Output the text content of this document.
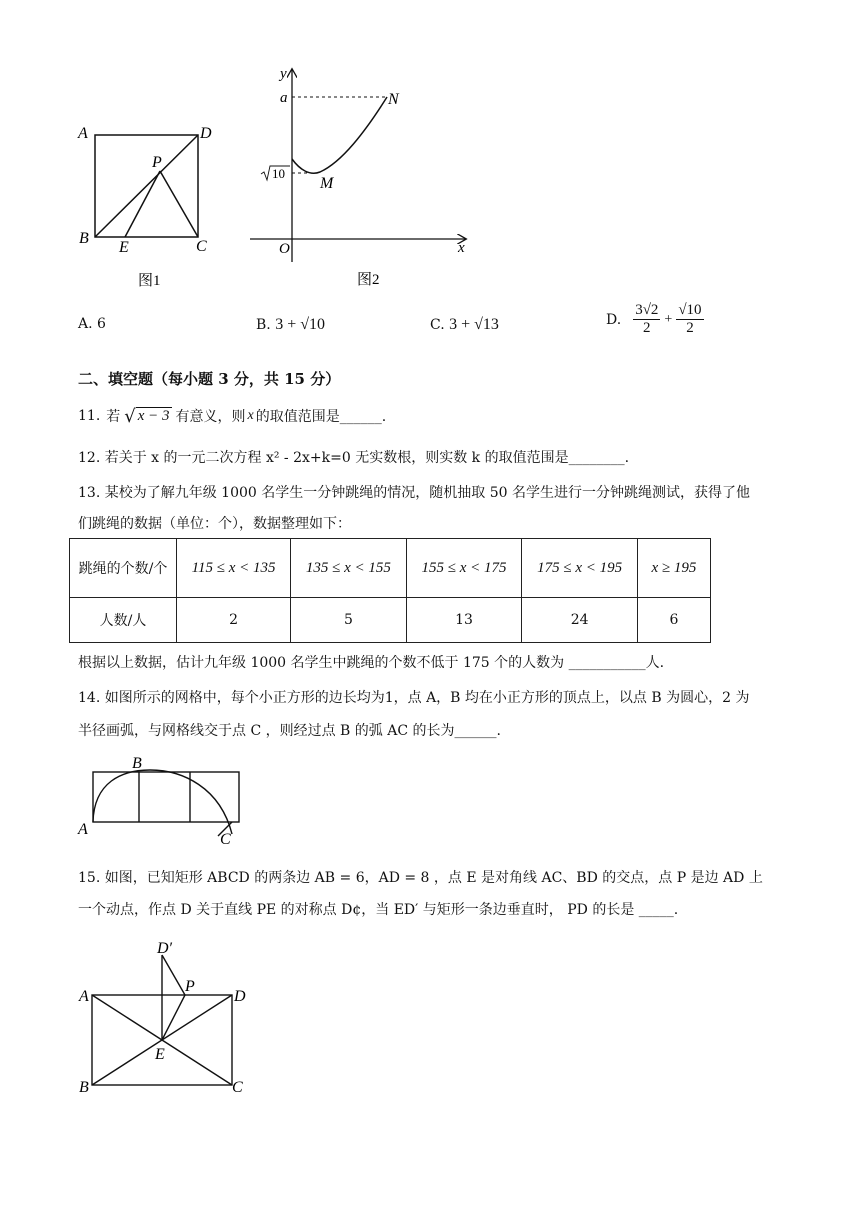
A	D
B	C
P
E
图1
y
a	N
M
10
O	x
图2
A. 6	B. 3 + √10	C. 3 + √13	D.
3√2
2
+ $\frac{√10}{2}$
二、填空题（每小题 3 分，共 15 分）
11. 若 √ x − 3 有意义，则 x 的取值范围是______.
12. 若关于 x 的一元二次方程 x² - 2x+k=0 无实数根，则实数 k 的取值范围是________.
13. 某校为了解九年级 1000 名学生一分钟跳绳的情况，随机抽取 50 名学生进行一分钟跳绳测试，获得了他
们跳绳的数据（单位：个），数据整理如下：
跳绳的个数/个	115 ≤ x < 135	135 ≤ x < 155	155 ≤ x < 175	175 ≤ x < 195	x ≥ 195
人数/人	2	5	13	24	6
根据以上数据，估计九年级 1000 名学生中跳绳的个数不低于 175 个的人数为 ___________人.
14. 如图所示的网格中，每个小正方形的边长均为1，点 A，B 均在小正方形的顶点上，以点 B 为圆心，2 为
半径画弧，与网格线交于点 C ，则经过点 B 的弧 AC 的长为______.
A
B
C
15. 如图，已知矩形 ABCD 的两条边 AB = 6，AD = 8 ，点 E 是对角线 AC、BD 的交点，点 P 是边 AD 上
一个动点，作点 D 关于直线 PE 的对称点 D¢，当 ED′ 与矩形一条边垂直时， PD 的长是 _____.
D′
A
P
D
E
B	C
